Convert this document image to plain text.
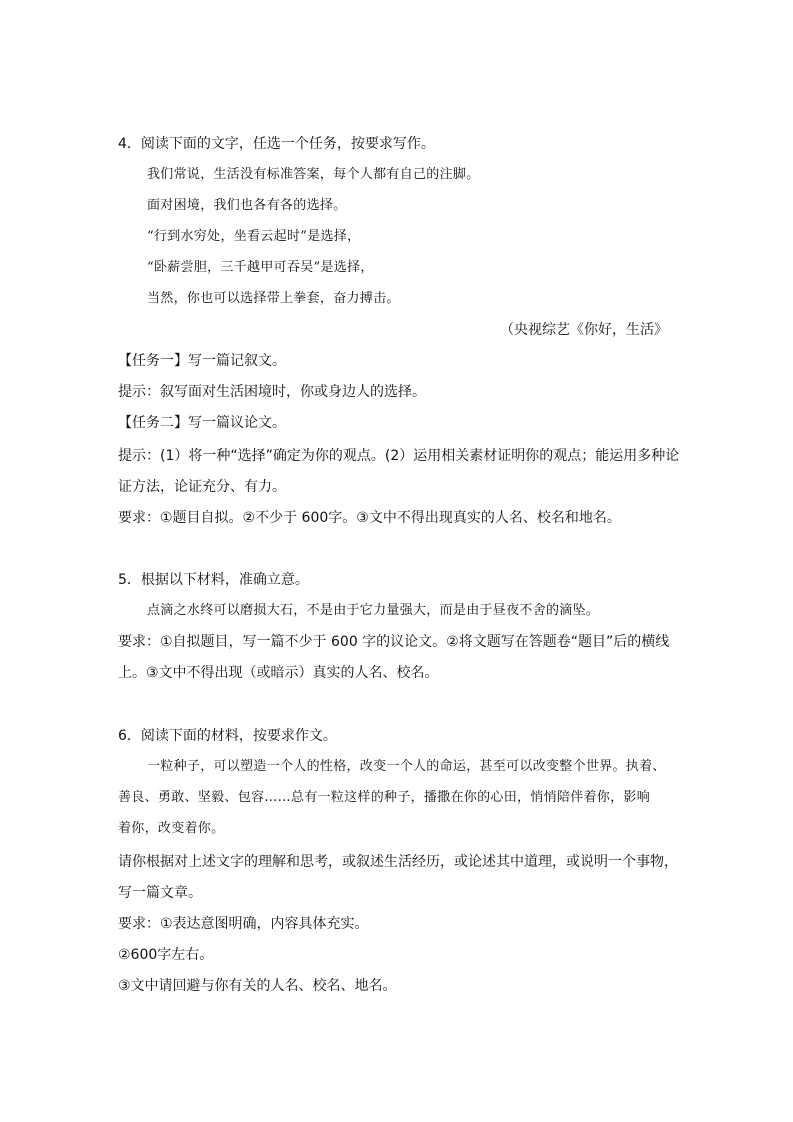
4．阅读下面的文字，任选一个任务，按要求写作。
我们常说，生活没有标准答案，每个人都有自己的注脚。
面对困境，我们也各有各的选择。
“行到水穷处，坐看云起时”是选择，
“卧薪尝胆，三千越甲可吞吴”是选择，
当然，你也可以选择带上拳套，奋力搏击。
（央视综艺《你好，生活》
【任务一】写一篇记叙文。
提示：叙写面对生活困境时，你或身边人的选择。
【任务二】写一篇议论文。
提示：(1）将一种“选择”确定为你的观点。(2）运用相关素材证明你的观点；能运用多种论
证方法，论证充分、有力。
要求：①题目自拟。②不少于 600字。③文中不得出现真实的人名、校名和地名。
5．根据以下材料，准确立意。
点滴之水终可以磨损大石，不是由于它力量强大，而是由于昼夜不舍的滴坠。
要求：①自拟题目，写一篇不少于 600 字的议论文。②将文题写在答题卷“题目”后的横线
上。③文中不得出现（或暗示）真实的人名、校名。
6．阅读下面的材料，按要求作文。
一粒种子，可以塑造一个人的性格，改变一个人的命运，甚至可以改变整个世界。执着、
善良、勇敢、坚毅、包容……总有一粒这样的种子，播撒在你的心田，悄悄陪伴着你，影响
着你，改变着你。
请你根据对上述文字的理解和思考，或叙述生活经历，或论述其中道理，或说明一个事物，
写一篇文章。
要求：①表达意图明确，内容具体充实。
②600字左右。
③文中请回避与你有关的人名、校名、地名。
